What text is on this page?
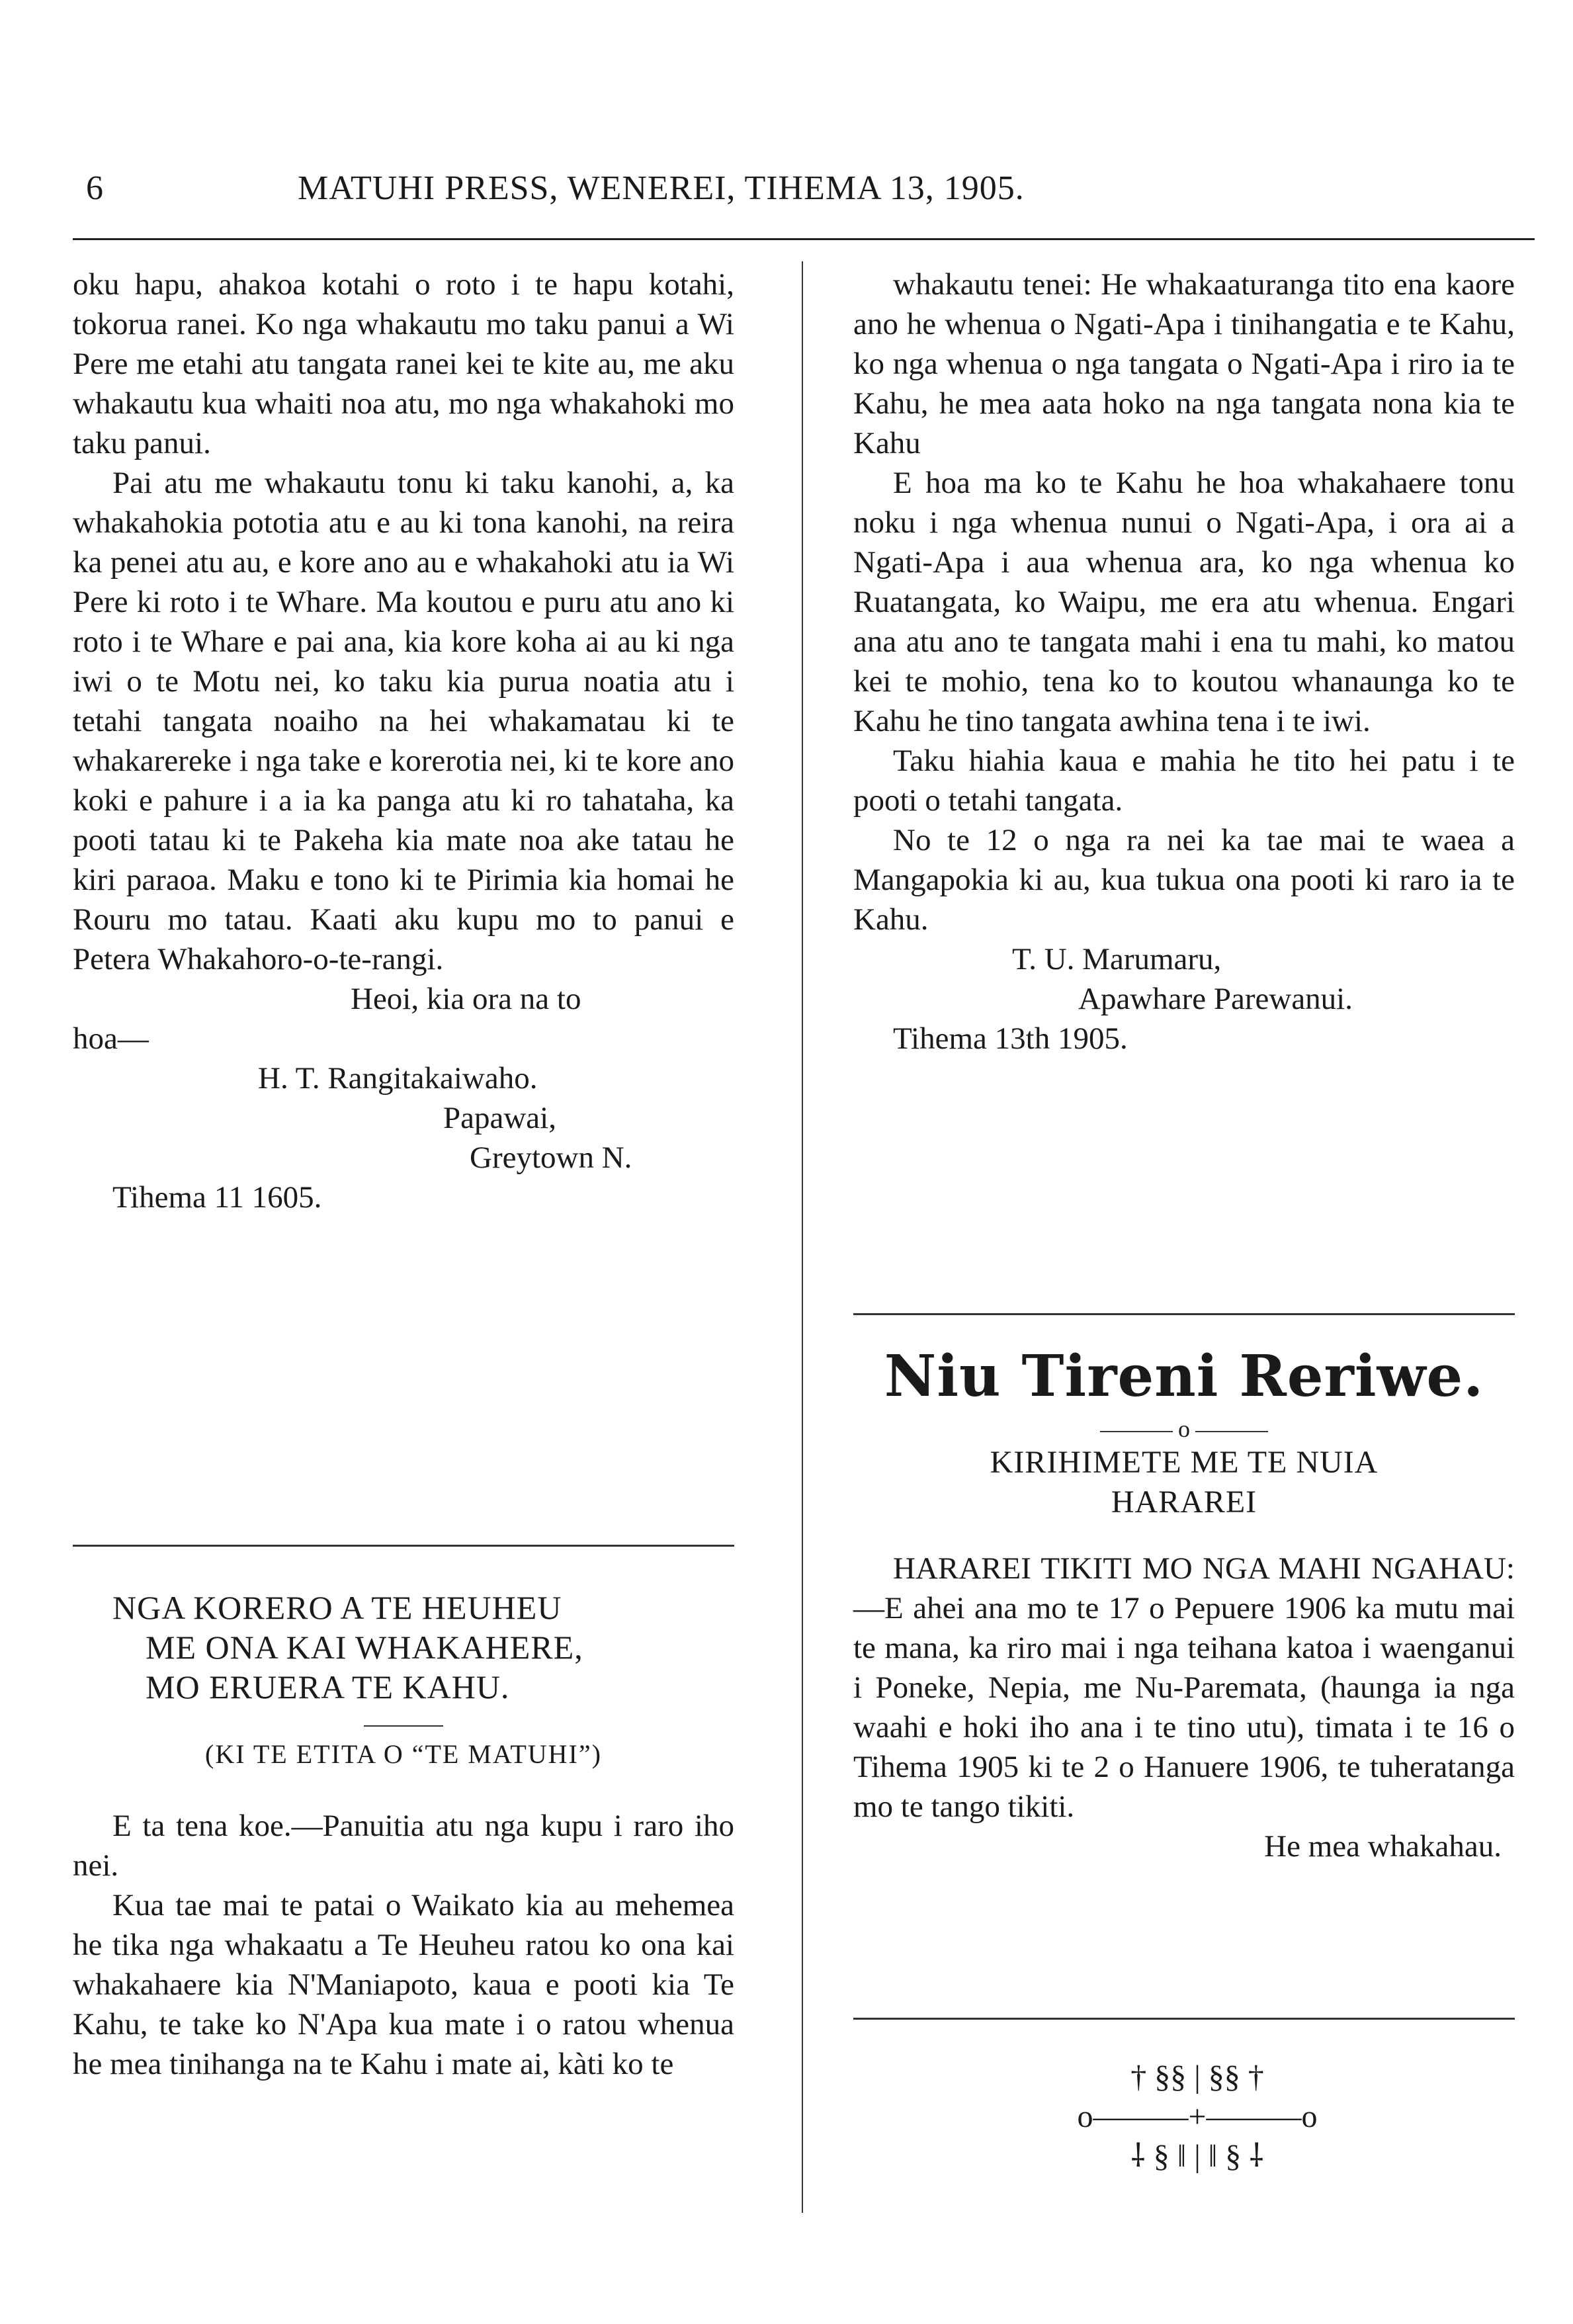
6	MATUHI PRESS, WENEREI, TIHEMA 13, 1905.

oku hapu, ahakoa kotahi o roto i te hapu kotahi, tokorua ranei. Ko nga whakautu mo taku panui a Wi Pere me etahi atu tangata ranei kei te kite au, me aku whakautu kua whaiti noa atu, mo nga whakahoki mo taku panui.

Pai atu me whakautu tonu ki taku kanohi, a, ka whakahokia pototia atu e au ki tona kanohi, na reira ka penei atu au, e kore ano au e whakahoki atu ia Wi Pere ki roto i te Whare. Ma koutou e puru atu ano ki roto i te Whare e pai ana, kia kore koha ai au ki nga iwi o te Motu nei, ko taku kia purua noatia atu i tetahi tangata noaiho na hei whakamatau ki te whakarereke i nga take e korerotia nei, ki te kore ano koki e pahure i a ia ka panga atu ki ro tahataha, ka pooti tatau ki te Pakeha kia mate noa ake tatau he kiri paraoa. Maku e tono ki te Pirimia kia homai he Rouru mo tatau. Kaati aku kupu mo to panui e Petera Whakahoro-o-te-rangi.

Heoi, kia ora na to

hoa—

H. T. Rangitakaiwaho.

Papawai,

Greytown N.

Tihema 11 1605.

NGA KORERO A TE HEUHEU

ME ONA KAI WHAKAHERE,

MO ERUERA TE KAHU.

(KI TE ETITA O “TE MATUHI”)

E ta tena koe.—Panuitia atu nga kupu i raro iho nei.

Kua tae mai te patai o Waikato kia au mehemea he tika nga whakaatu a Te Heuheu ratou ko ona kai whakahaere kia N'Maniapoto, kaua e pooti kia Te Kahu, te take ko N'Apa kua mate i o ratou whenua he mea tinihanga na te Kahu i mate ai, kàti ko te

whakautu tenei: He whakaaturanga tito ena kaore ano he whenua o Ngati-Apa i tinihangatia e te Kahu, ko nga whenua o nga tangata o Ngati-Apa i riro ia te Kahu, he mea aata hoko na nga tangata nona kia te Kahu

E hoa ma ko te Kahu he hoa whakahaere tonu noku i nga whenua nunui o Ngati-Apa, i ora ai a Ngati-Apa i aua whenua ara, ko nga whenua ko Ruatangata, ko Waipu, me era atu whenua. Engari ana atu ano te tangata mahi i ena tu mahi, ko matou kei te mohio, tena ko to koutou whanaunga ko te Kahu he tino tangata awhina tena i te iwi.

Taku hiahia kaua e mahia he tito hei patu i te pooti o tetahi tangata.

No te 12 o nga ra nei ka tae mai te waea a Mangapokia ki au, kua tukua ona pooti ki raro ia te Kahu.

T. U. Marumaru,

Apawhare Parewanui.

Tihema 13th 1905.

Niu Tireni Reriwe.

o

KIRIHIMETE ME TE NUIA

HARAREI

HARAREI TIKITI MO NGA MAHI NGAHAU:—E ahei ana mo te 17 o Pepuere 1906 ka mutu mai te mana, ka riro mai i nga teihana katoa i waenganui i Poneke, Nepia, me Nu-Paremata, (haunga ia nga waahi e hoki iho ana i te tino utu), timata i te 16 o Tihema 1905 ki te 2 o Hanuere 1906, te tuheratanga mo te tango tikiti.

He mea whakahau.

† §§ | §§ †
o———+———o
⸸ § ‖ | ‖ § ⸸
